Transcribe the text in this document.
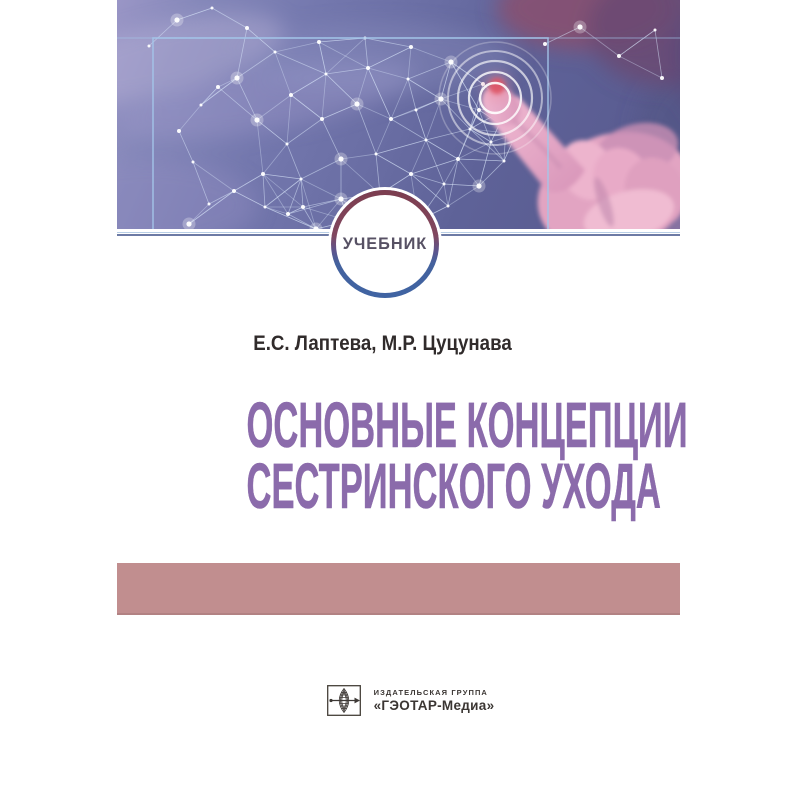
УЧЕБНИК
Е.С. Лаптева, М.Р. Цуцунава
ОСНОВНЫЕ КОНЦЕПЦИИ
СЕСТРИНСКОГО УХОДА
ИЗДАТЕЛЬСКАЯ ГРУППА
«ГЭОТАР-Медиа»
